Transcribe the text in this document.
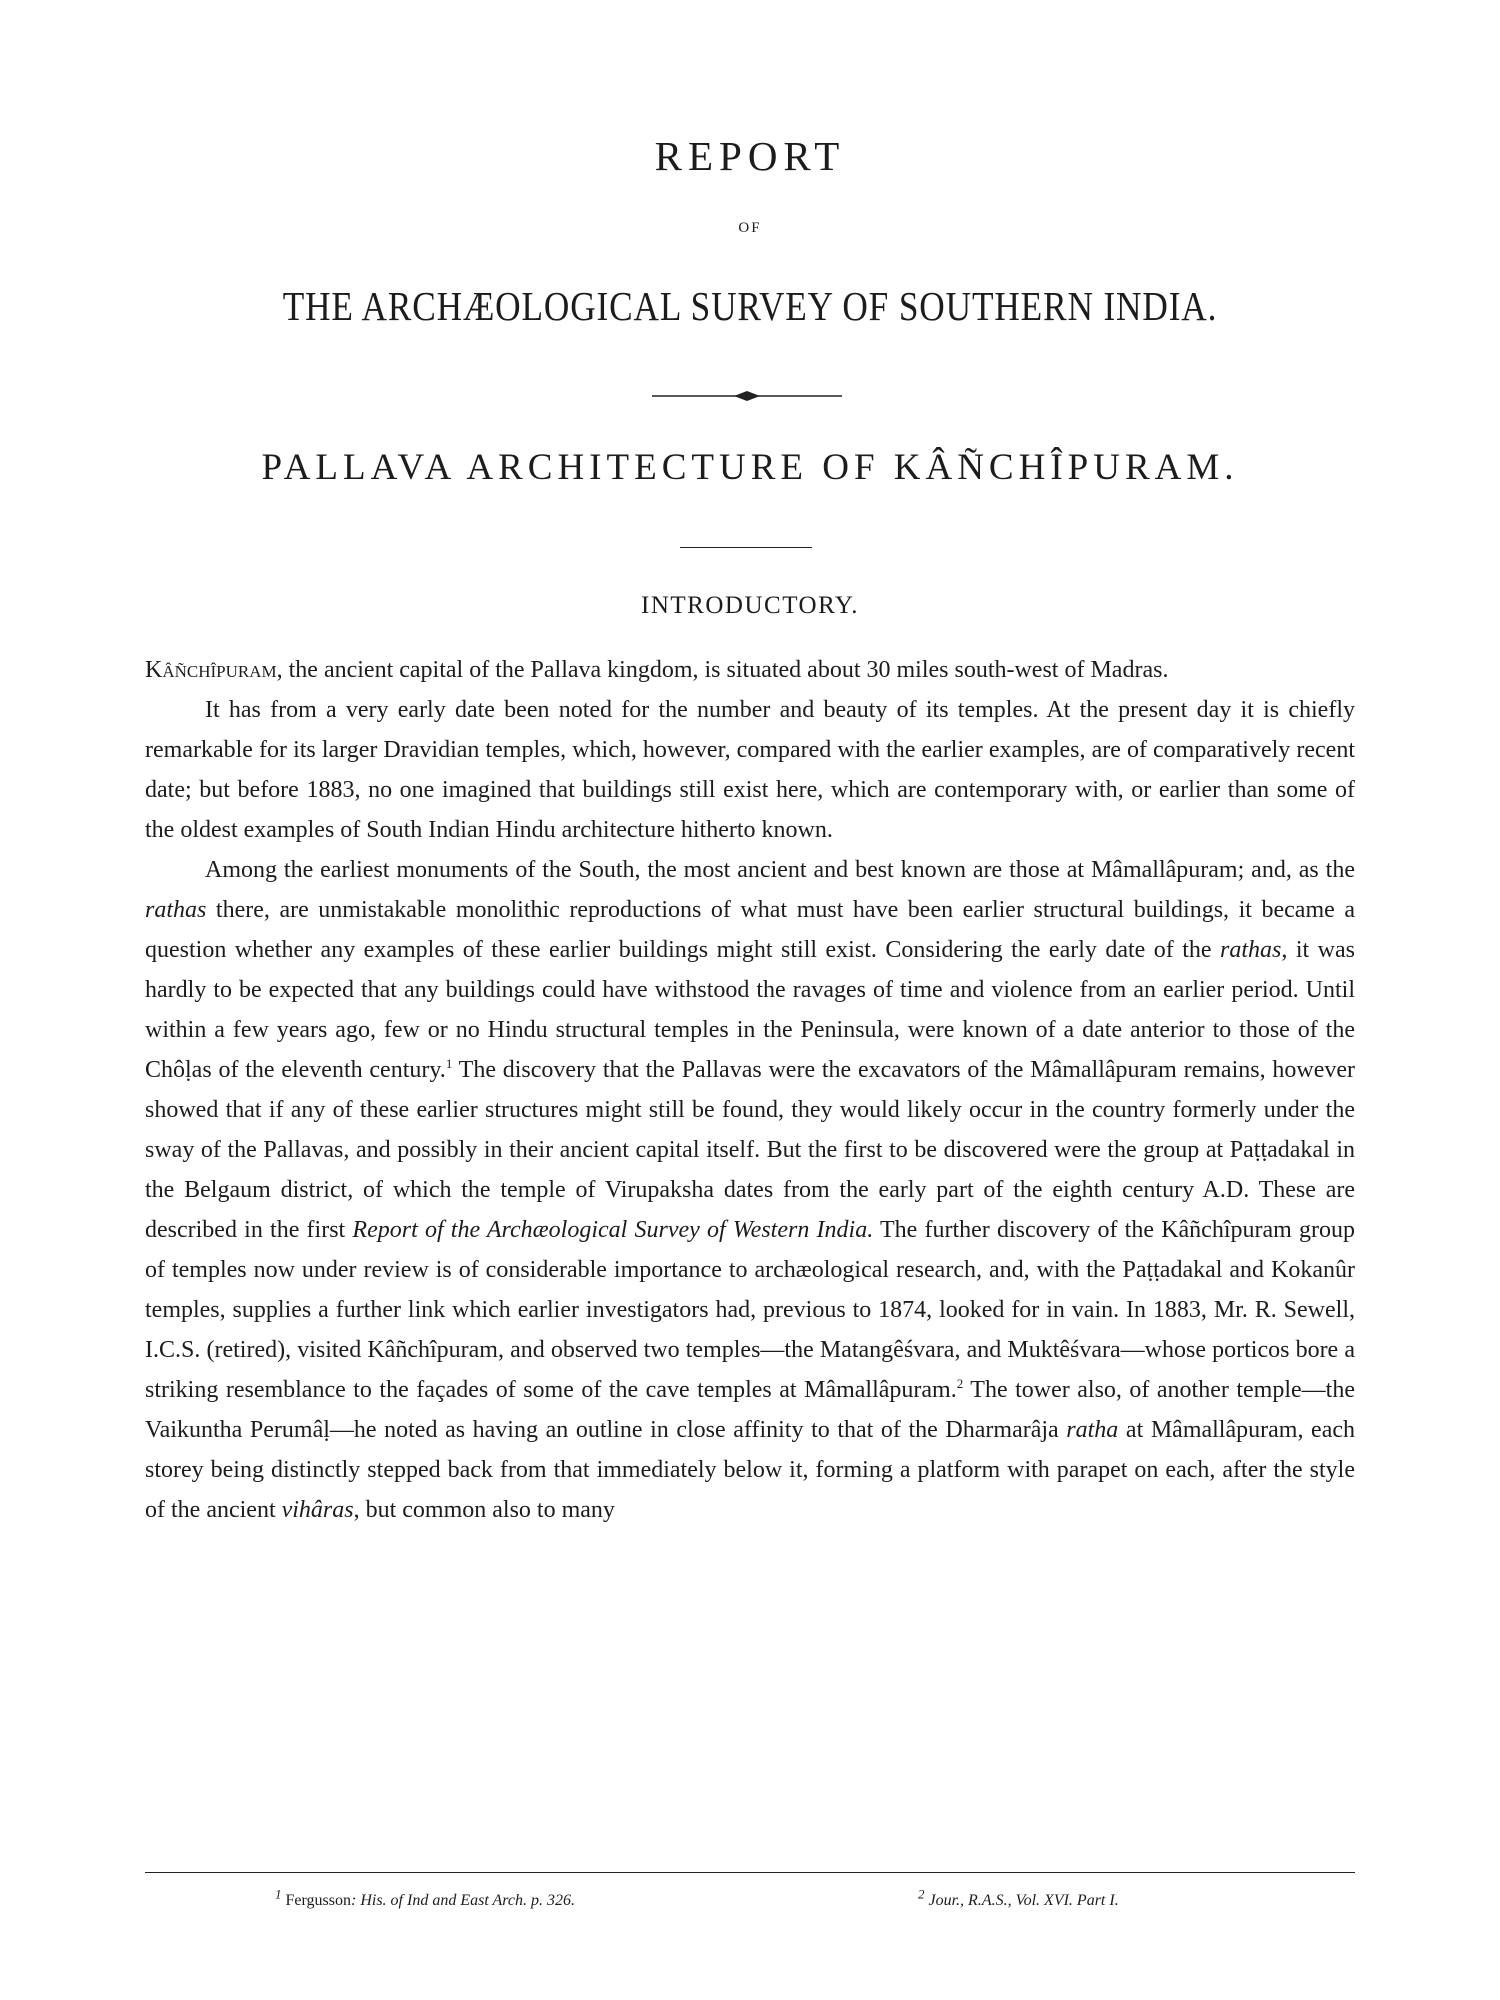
REPORT
OF
THE ARCHÆOLOGICAL SURVEY OF SOUTHERN INDIA.
PALLAVA ARCHITECTURE OF KÂÑCHÎPURAM.
INTRODUCTORY.

Kâñchîpuram, the ancient capital of the Pallava kingdom, is situated about 30 miles south-west of Madras.

It has from a very early date been noted for the number and beauty of its temples. At the present day it is chiefly remarkable for its larger Dravidian temples, which, however, compared with the earlier examples, are of comparatively recent date; but before 1883, no one imagined that buildings still exist here, which are contemporary with, or earlier than some of the oldest examples of South Indian Hindu architecture hitherto known.

Among the earliest monuments of the South, the most ancient and best known are those at Mâmallâpuram; and, as the rathas there, are unmistakable monolithic reproductions of what must have been earlier structural buildings, it became a question whether any examples of these earlier buildings might still exist. Considering the early date of the rathas, it was hardly to be expected that any buildings could have withstood the ravages of time and violence from an earlier period. Until within a few years ago, few or no Hindu structural temples in the Peninsula, were known of a date anterior to those of the Chôḷas of the eleventh century.$^1$ The discovery that the Pallavas were the excavators of the Mâmallâpuram remains, however showed that if any of these earlier structures might still be found, they would likely occur in the country formerly under the sway of the Pallavas, and possibly in their ancient capital itself. But the first to be discovered were the group at Paṭṭadakal in the Belgaum district, of which the temple of Virupaksha dates from the early part of the eighth century A.D. These are described in the first Report of the Archæological Survey of Western India. The further discovery of the Kâñchîpuram group of temples now under review is of considerable importance to archæological research, and, with the Paṭṭadakal and Kokanûr temples, supplies a further link which earlier investigators had, previous to 1874, looked for in vain. In 1883, Mr. R. Sewell, I.C.S. (retired), visited Kâñchîpuram, and observed two temples—the Matangêśvara, and Muktêśvara—whose porticos bore a striking resemblance to the façades of some of the cave temples at Mâmallâpuram.$^2$ The tower also, of another temple—the Vaikuntha Perumâḷ—he noted as having an outline in close affinity to that of the Dharmarâja ratha at Mâmallâpuram, each storey being distinctly stepped back from that immediately below it, forming a platform with parapet on each, after the style of the ancient vihâras, but common also to many

$^1$ Fergusson: His. of Ind and East Arch. p. 326.	$^2$ Jour., R.A.S., Vol. XVI. Part I.
